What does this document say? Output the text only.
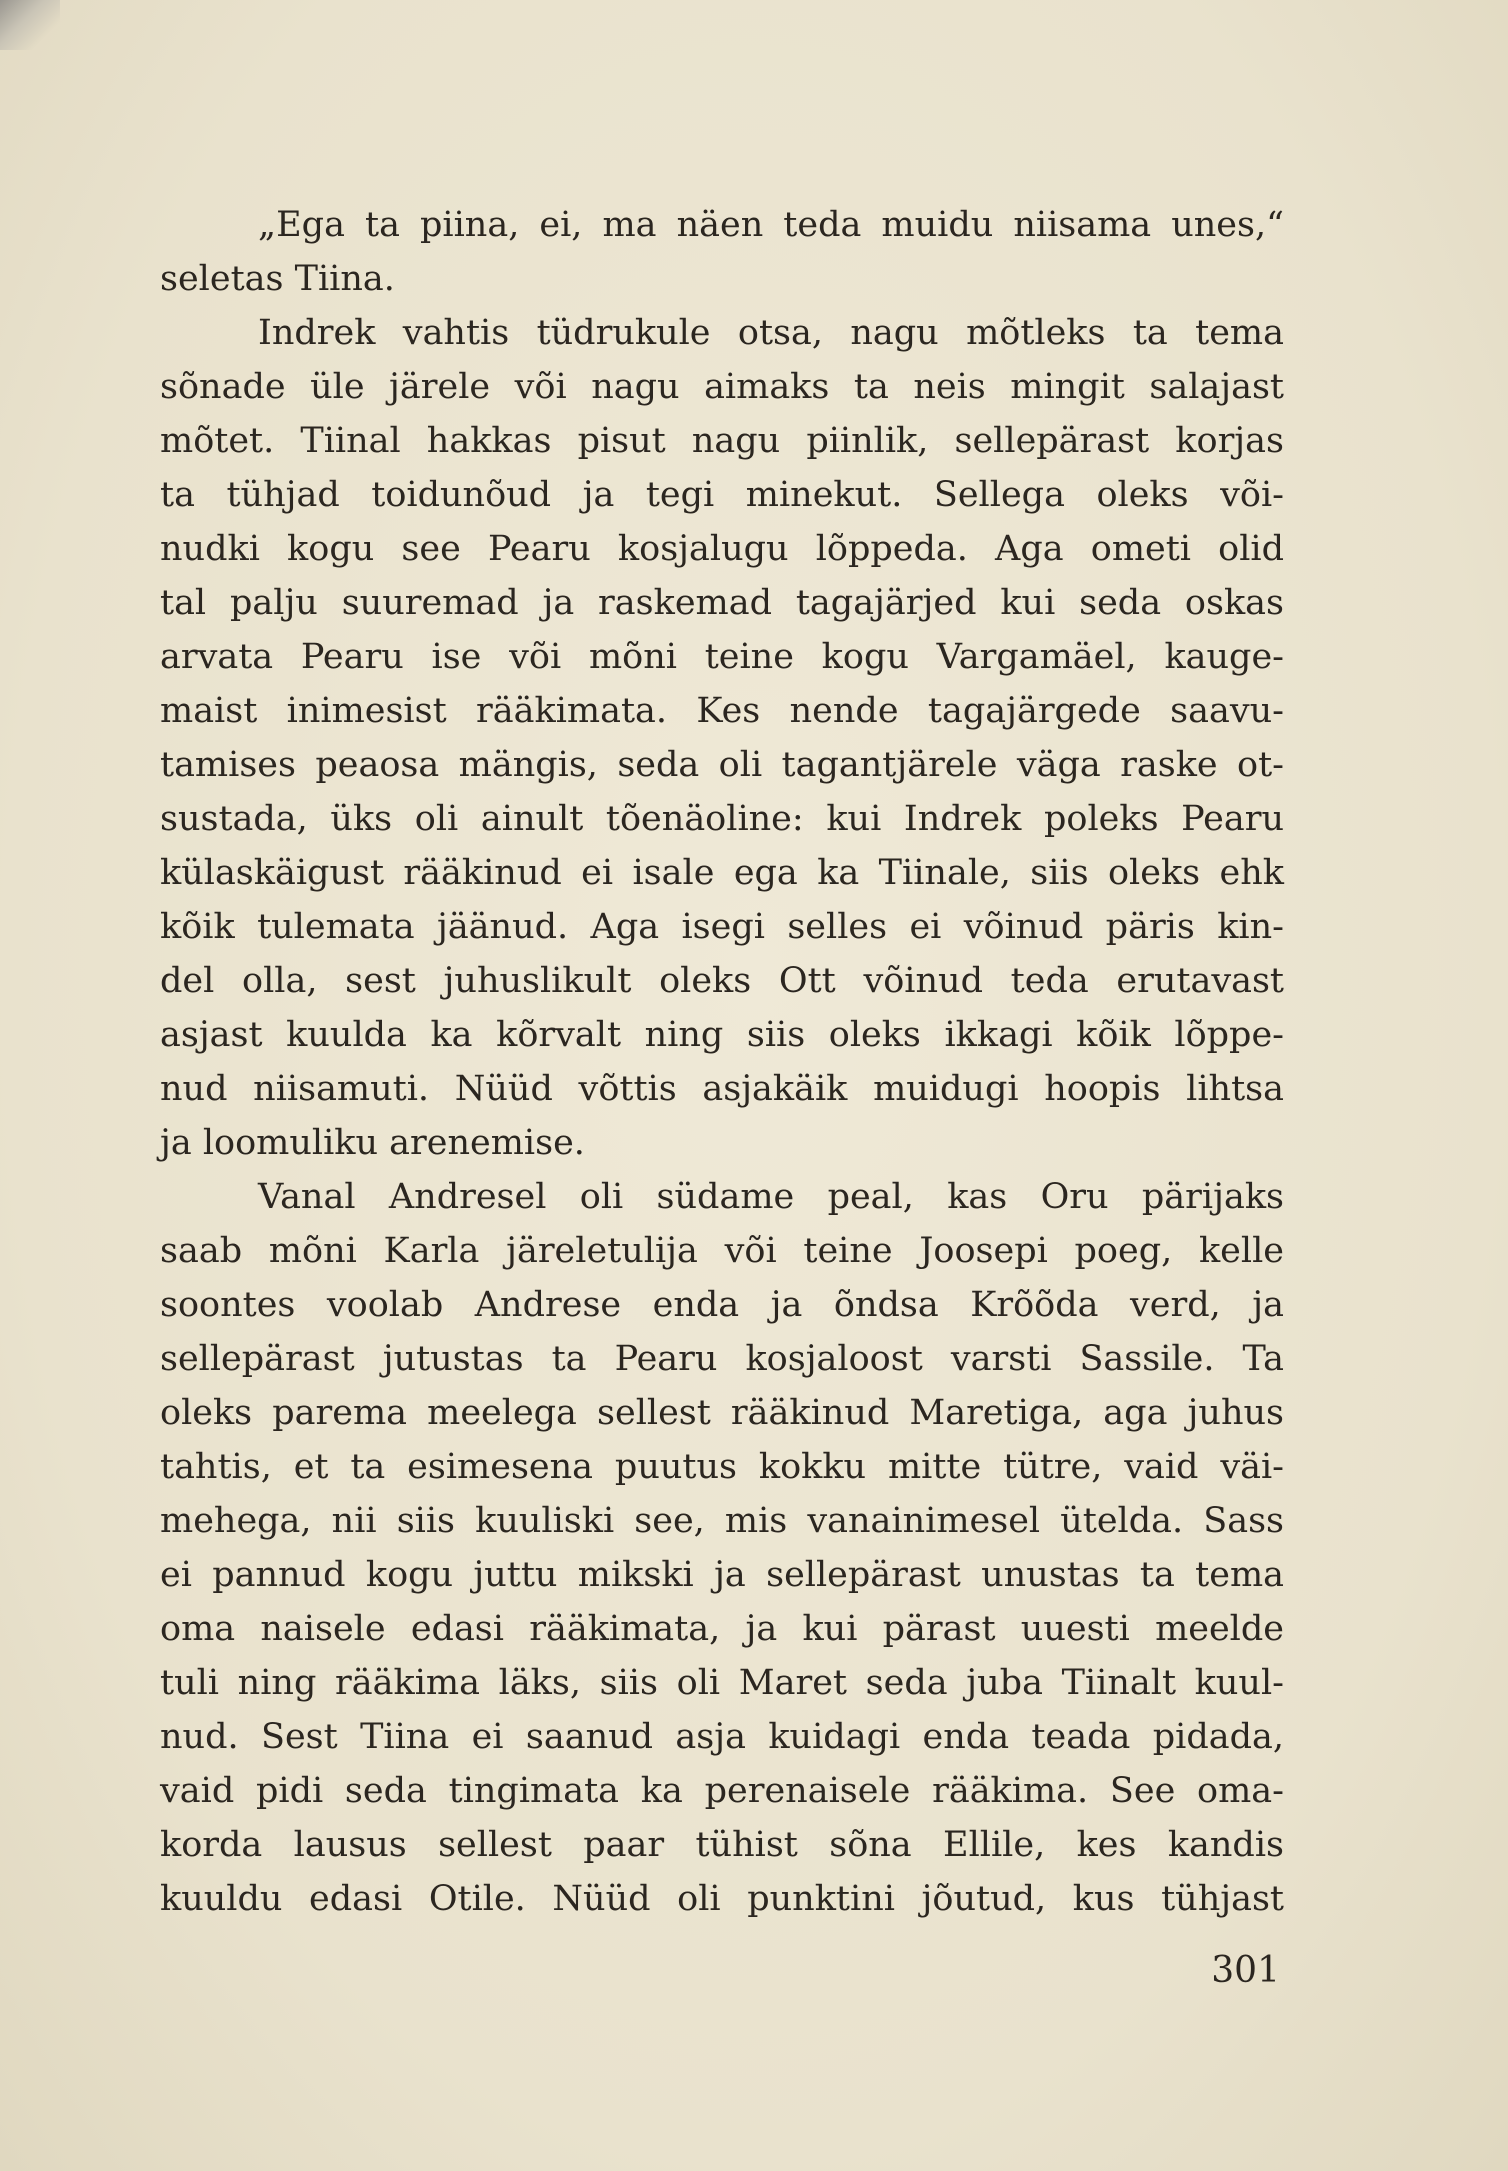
„Ega ta piina, ei, ma näen teda muidu niisama unes,“
seletas Tiina.
Indrek vahtis tüdrukule otsa, nagu mõtleks ta tema
sõnade üle järele või nagu aimaks ta neis mingit salajast
mõtet. Tiinal hakkas pisut nagu piinlik, sellepärast korjas
ta tühjad toidunõud ja tegi minekut. Sellega oleks või-
nudki kogu see Pearu kosjalugu lõppeda. Aga ometi olid
tal palju suuremad ja raskemad tagajärjed kui seda oskas
arvata Pearu ise või mõni teine kogu Vargamäel, kauge-
maist inimesist rääkimata. Kes nende tagajärgede saavu-
tamises peaosa mängis, seda oli tagantjärele väga raske ot-
sustada, üks oli ainult tõenäoline: kui Indrek poleks Pearu
külaskäigust rääkinud ei isale ega ka Tiinale, siis oleks ehk
kõik tulemata jäänud. Aga isegi selles ei võinud päris kin-
del olla, sest juhuslikult oleks Ott võinud teda erutavast
asjast kuulda ka kõrvalt ning siis oleks ikkagi kõik lõppe-
nud niisamuti. Nüüd võttis asjakäik muidugi hoopis lihtsa
ja loomuliku arenemise.
Vanal Andresel oli südame peal, kas Oru pärijaks
saab mõni Karla järeletulija või teine Joosepi poeg, kelle
soontes voolab Andrese enda ja õndsa Krõõda verd, ja
sellepärast jutustas ta Pearu kosjaloost varsti Sassile. Ta
oleks parema meelega sellest rääkinud Maretiga, aga juhus
tahtis, et ta esimesena puutus kokku mitte tütre, vaid väi-
mehega, nii siis kuuliski see, mis vanainimesel ütelda. Sass
ei pannud kogu juttu mikski ja sellepärast unustas ta tema
oma naisele edasi rääkimata, ja kui pärast uuesti meelde
tuli ning rääkima läks, siis oli Maret seda juba Tiinalt kuul-
nud. Sest Tiina ei saanud asja kuidagi enda teada pidada,
vaid pidi seda tingimata ka perenaisele rääkima. See oma-
korda lausus sellest paar tühist sõna Ellile, kes kandis
kuuldu edasi Otile. Nüüd oli punktini jõutud, kus tühjast
301
